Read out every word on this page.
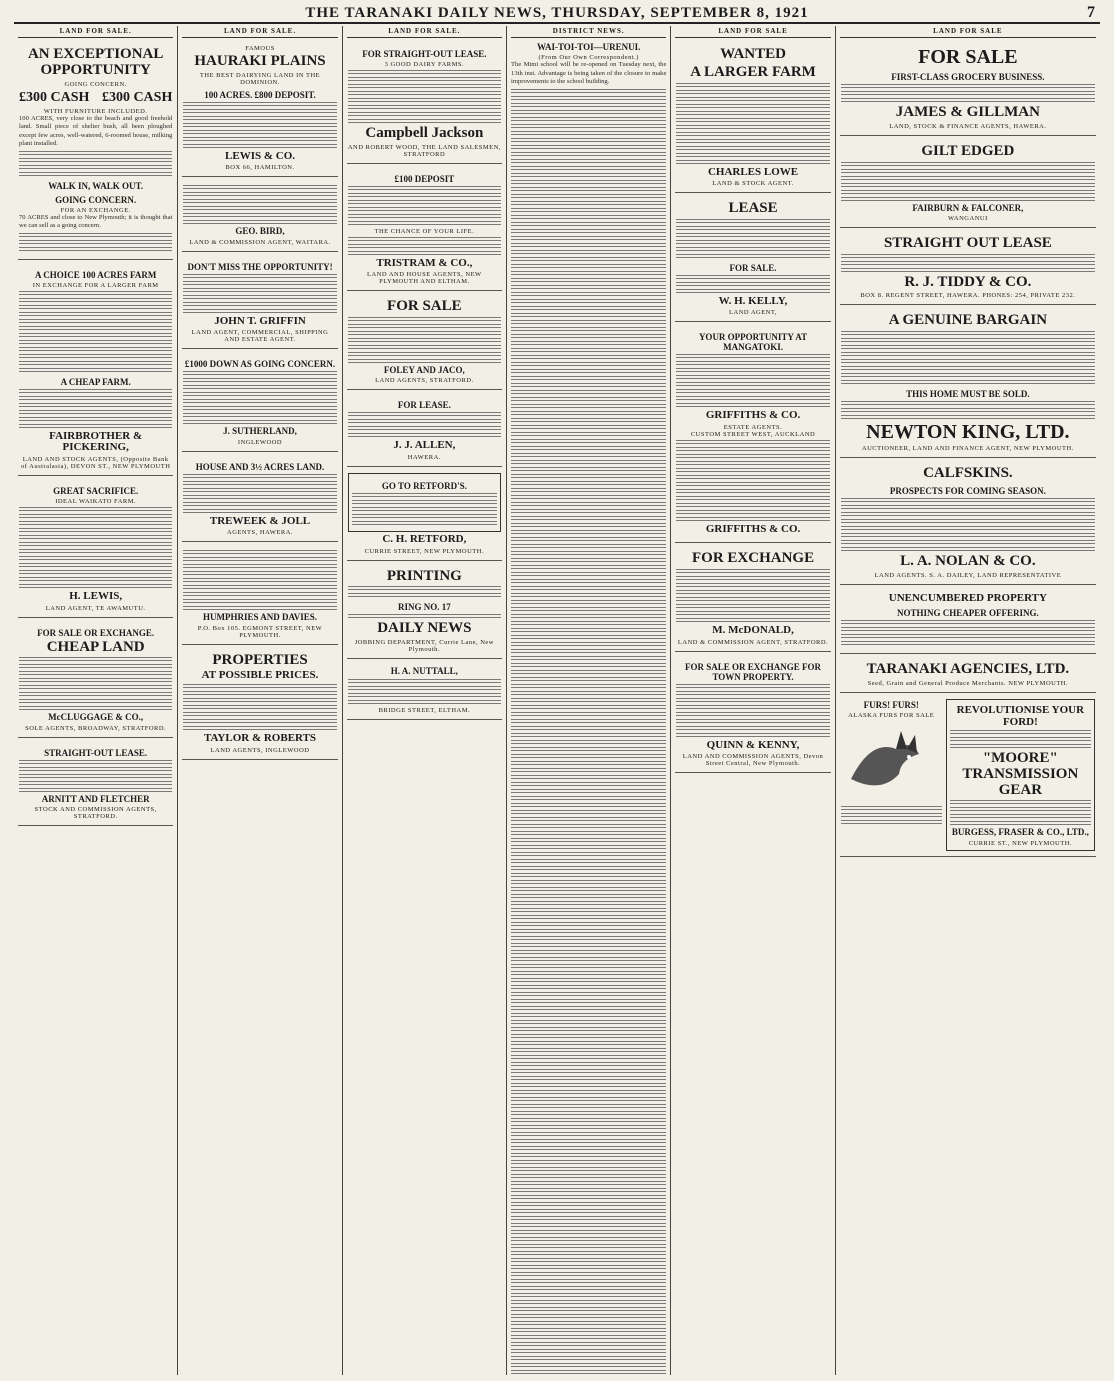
THE TARANAKI DAILY NEWS, THURSDAY, SEPTEMBER 8, 1921	7
LAND FOR SALE.
AN EXCEPTIONAL OPPORTUNITY
GOING CONCERN.
£300 CASH £300 CASH
WITH FURNITURE INCLUDED.
100 ACRES, very close to the beach and good freehold land. Small piece of shelter bush, all been ploughed except few acres, well-watered, 6-roomed house, milking plant installed.
WALK IN, WALK OUT.
GOING CONCERN.
FOR AN EXCHANGE.
70 ACRES and close to New Plymouth; it is thought that we can sell as a going concern.
A CHOICE 100 ACRES FARM
IN EXCHANGE FOR A LARGER FARM
A CHEAP FARM.
FAIRBROTHER & PICKERING,
LAND AND STOCK AGENTS, (Opposite Bank of Australasia), DEVON ST., NEW PLYMOUTH
GREAT SACRIFICE.
IDEAL WAIKATO FARM.
H. LEWIS,
LAND AGENT, TE AWAMUTU.
FOR SALE OR EXCHANGE.
CHEAP LAND
McCLUGGAGE & CO.,
SOLE AGENTS, BROADWAY, STRATFORD.
STRAIGHT-OUT LEASE.
ARNITT AND FLETCHER
STOCK AND COMMISSION AGENTS, STRATFORD.
LAND FOR SALE.
FAMOUS
HAURAKI PLAINS
THE BEST DAIRYING LAND IN THE DOMINION.
100 ACRES. £800 DEPOSIT.
LEWIS & CO.
BOX 66, HAMILTON.
GEO. BIRD,
LAND & COMMISSION AGENT, WAITARA.
DON'T MISS THE OPPORTUNITY!
JOHN T. GRIFFIN
LAND AGENT, COMMERCIAL, SHIPPING AND ESTATE AGENT.
£1000 DOWN AS GOING CONCERN.
J. SUTHERLAND,
INGLEWOOD
HOUSE AND 3½ ACRES LAND.
TREWEEK & JOLL
AGENTS, HAWERA.
HUMPHRIES AND DAVIES.
P.O. Box 105. EGMONT STREET, NEW PLYMOUTH.
PROPERTIES
AT POSSIBLE PRICES.
TAYLOR & ROBERTS
LAND AGENTS, INGLEWOOD
LAND FOR SALE.
FOR STRAIGHT-OUT LEASE.
3 GOOD DAIRY FARMS.
Campbell Jackson
AND ROBERT WOOD, THE LAND SALESMEN, STRATFORD
£100 DEPOSIT
THE CHANCE OF YOUR LIFE.
TRISTRAM & CO.,
LAND AND HOUSE AGENTS, NEW PLYMOUTH AND ELTHAM.
FOR SALE
FOLEY AND JACO,
LAND AGENTS, STRATFORD.
FOR LEASE.
J. J. ALLEN,
HAWERA.
GO TO RETFORD'S.
C. H. RETFORD,
CURRIE STREET, NEW PLYMOUTH.
PRINTING
RING NO. 17
DAILY NEWS
JOBBING DEPARTMENT, Currie Lane, New Plymouth.
H. A. NUTTALL,
BRIDGE STREET, ELTHAM.
DISTRICT NEWS.
WAI-TOI-TOI—URENUI.
(From Our Own Correspondent.)
The Mimi school will be re-opened on Tuesday next, the 13th inst. Advantage is being taken of the closure to make improvements to the school building.
LAND FOR SALE
WANTED
A LARGER FARM
CHARLES LOWE
LAND & STOCK AGENT.
LEASE
FOR SALE.
W. H. KELLY,
LAND AGENT,
YOUR OPPORTUNITY AT MANGATOKI.
GRIFFITHS & CO.
ESTATE AGENTS.
CUSTOM STREET WEST, AUCKLAND
GRIFFITHS & CO.
FOR EXCHANGE
M. McDONALD,
LAND & COMMISSION AGENT, STRATFORD.
FOR SALE OR EXCHANGE FOR TOWN PROPERTY.
QUINN & KENNY,
LAND AND COMMISSION AGENTS, Devon Street Central, New Plymouth.
LAND FOR SALE
FOR SALE
FIRST-CLASS GROCERY BUSINESS.
JAMES & GILLMAN
LAND, STOCK & FINANCE AGENTS, HAWERA.
GILT EDGED
FAIRBURN & FALCONER,
WANGANUI
STRAIGHT OUT LEASE
R. J. TIDDY & CO.
BOX 8. REGENT STREET, HAWERA. PHONES: 254, PRIVATE 232.
A GENUINE BARGAIN
THIS HOME MUST BE SOLD.
NEWTON KING, LTD.
AUCTIONEER, LAND AND FINANCE AGENT, NEW PLYMOUTH.
CALFSKINS.
PROSPECTS FOR COMING SEASON.
L. A. NOLAN & CO.
LAND AGENTS. S. A. DAILEY, LAND REPRESENTATIVE
UNENCUMBERED PROPERTY
NOTHING CHEAPER OFFERING.
TARANAKI AGENCIES, LTD.
Seed, Grain and General Produce Merchants. NEW PLYMOUTH.
FURS! FURS!
ALASKA FURS FOR SALE	REVOLUTIONISE YOUR FORD!
"MOORE" TRANSMISSION GEAR
BURGESS, FRASER & CO., LTD.,
CURRIE ST., NEW PLYMOUTH.
